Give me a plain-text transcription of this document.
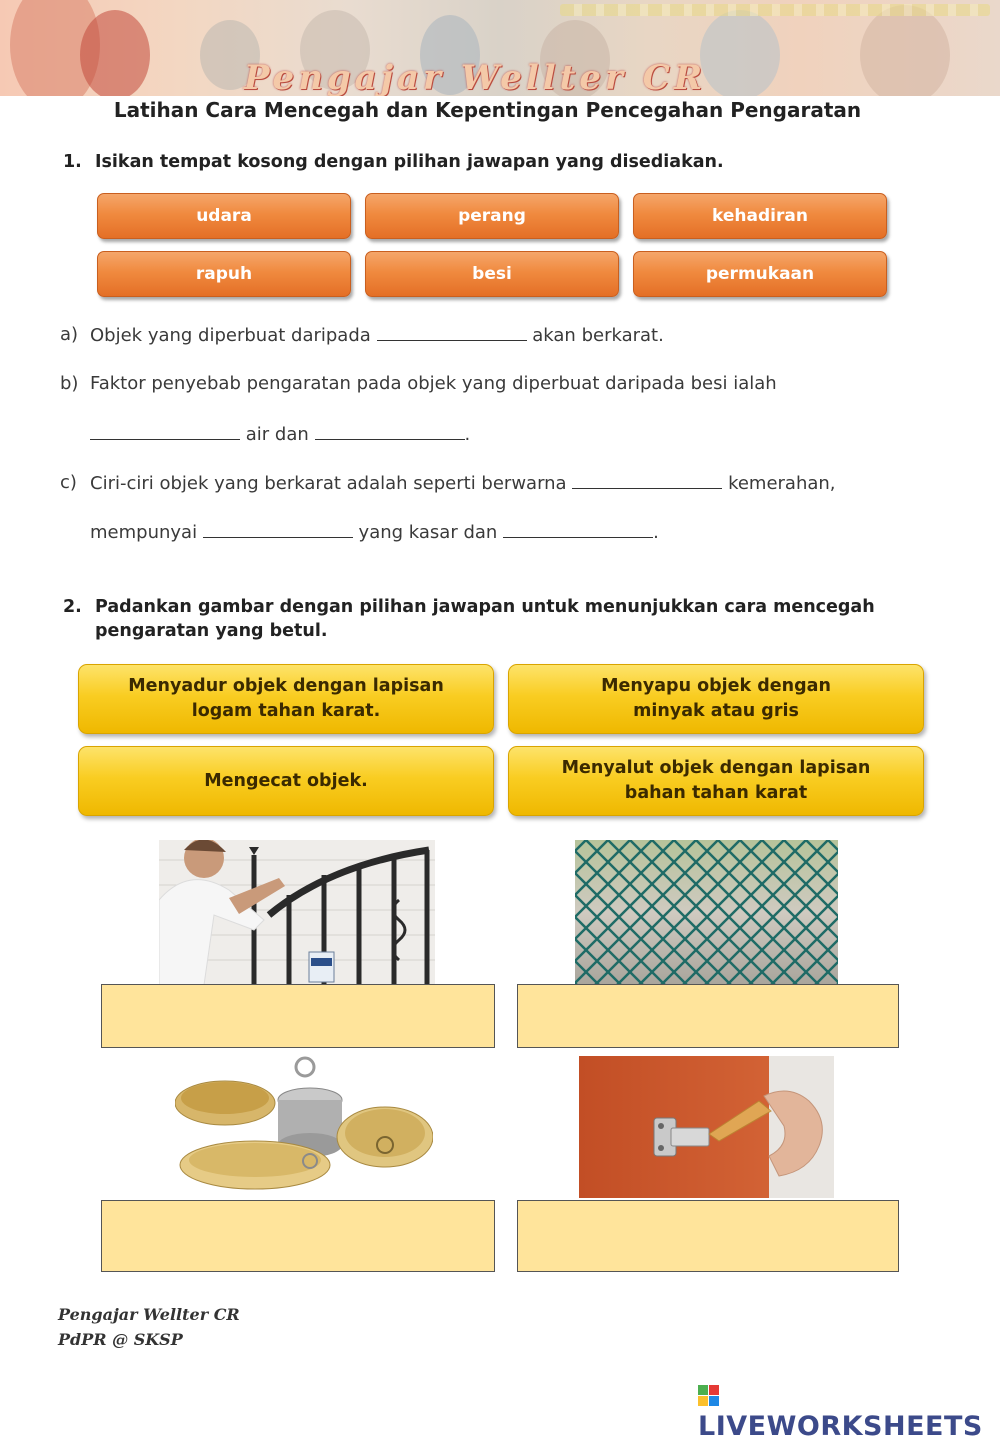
Pengajar Wellter CR
Latihan Cara Mencegah dan Kepentingan Pencegahan Pengaratan
1. Isikan tempat kosong dengan pilihan jawapan yang disediakan.
udara	perang	kehadiran
rapuh	besi	permukaan
a) Objek yang diperbuat daripada	akan berkarat.
b) Faktor penyebab pengaratan pada objek yang diperbuat daripada besi ialah
air dan	.
c) Ciri-ciri objek yang berkarat adalah seperti berwarna	kemerahan,
mempunyai	yang kasar dan	.
2. Padankan gambar dengan pilihan jawapan untuk menunjukkan cara mencegah
pengaratan yang betul.
Menyadur objek dengan lapisan
logam tahan karat.
Menyapu objek dengan
minyak atau gris
Mengecat objek.
Menyalut objek dengan lapisan
bahan tahan karat
Pengajar Wellter CR
PdPR @ SKSP
LIVEWORKSHEETS
